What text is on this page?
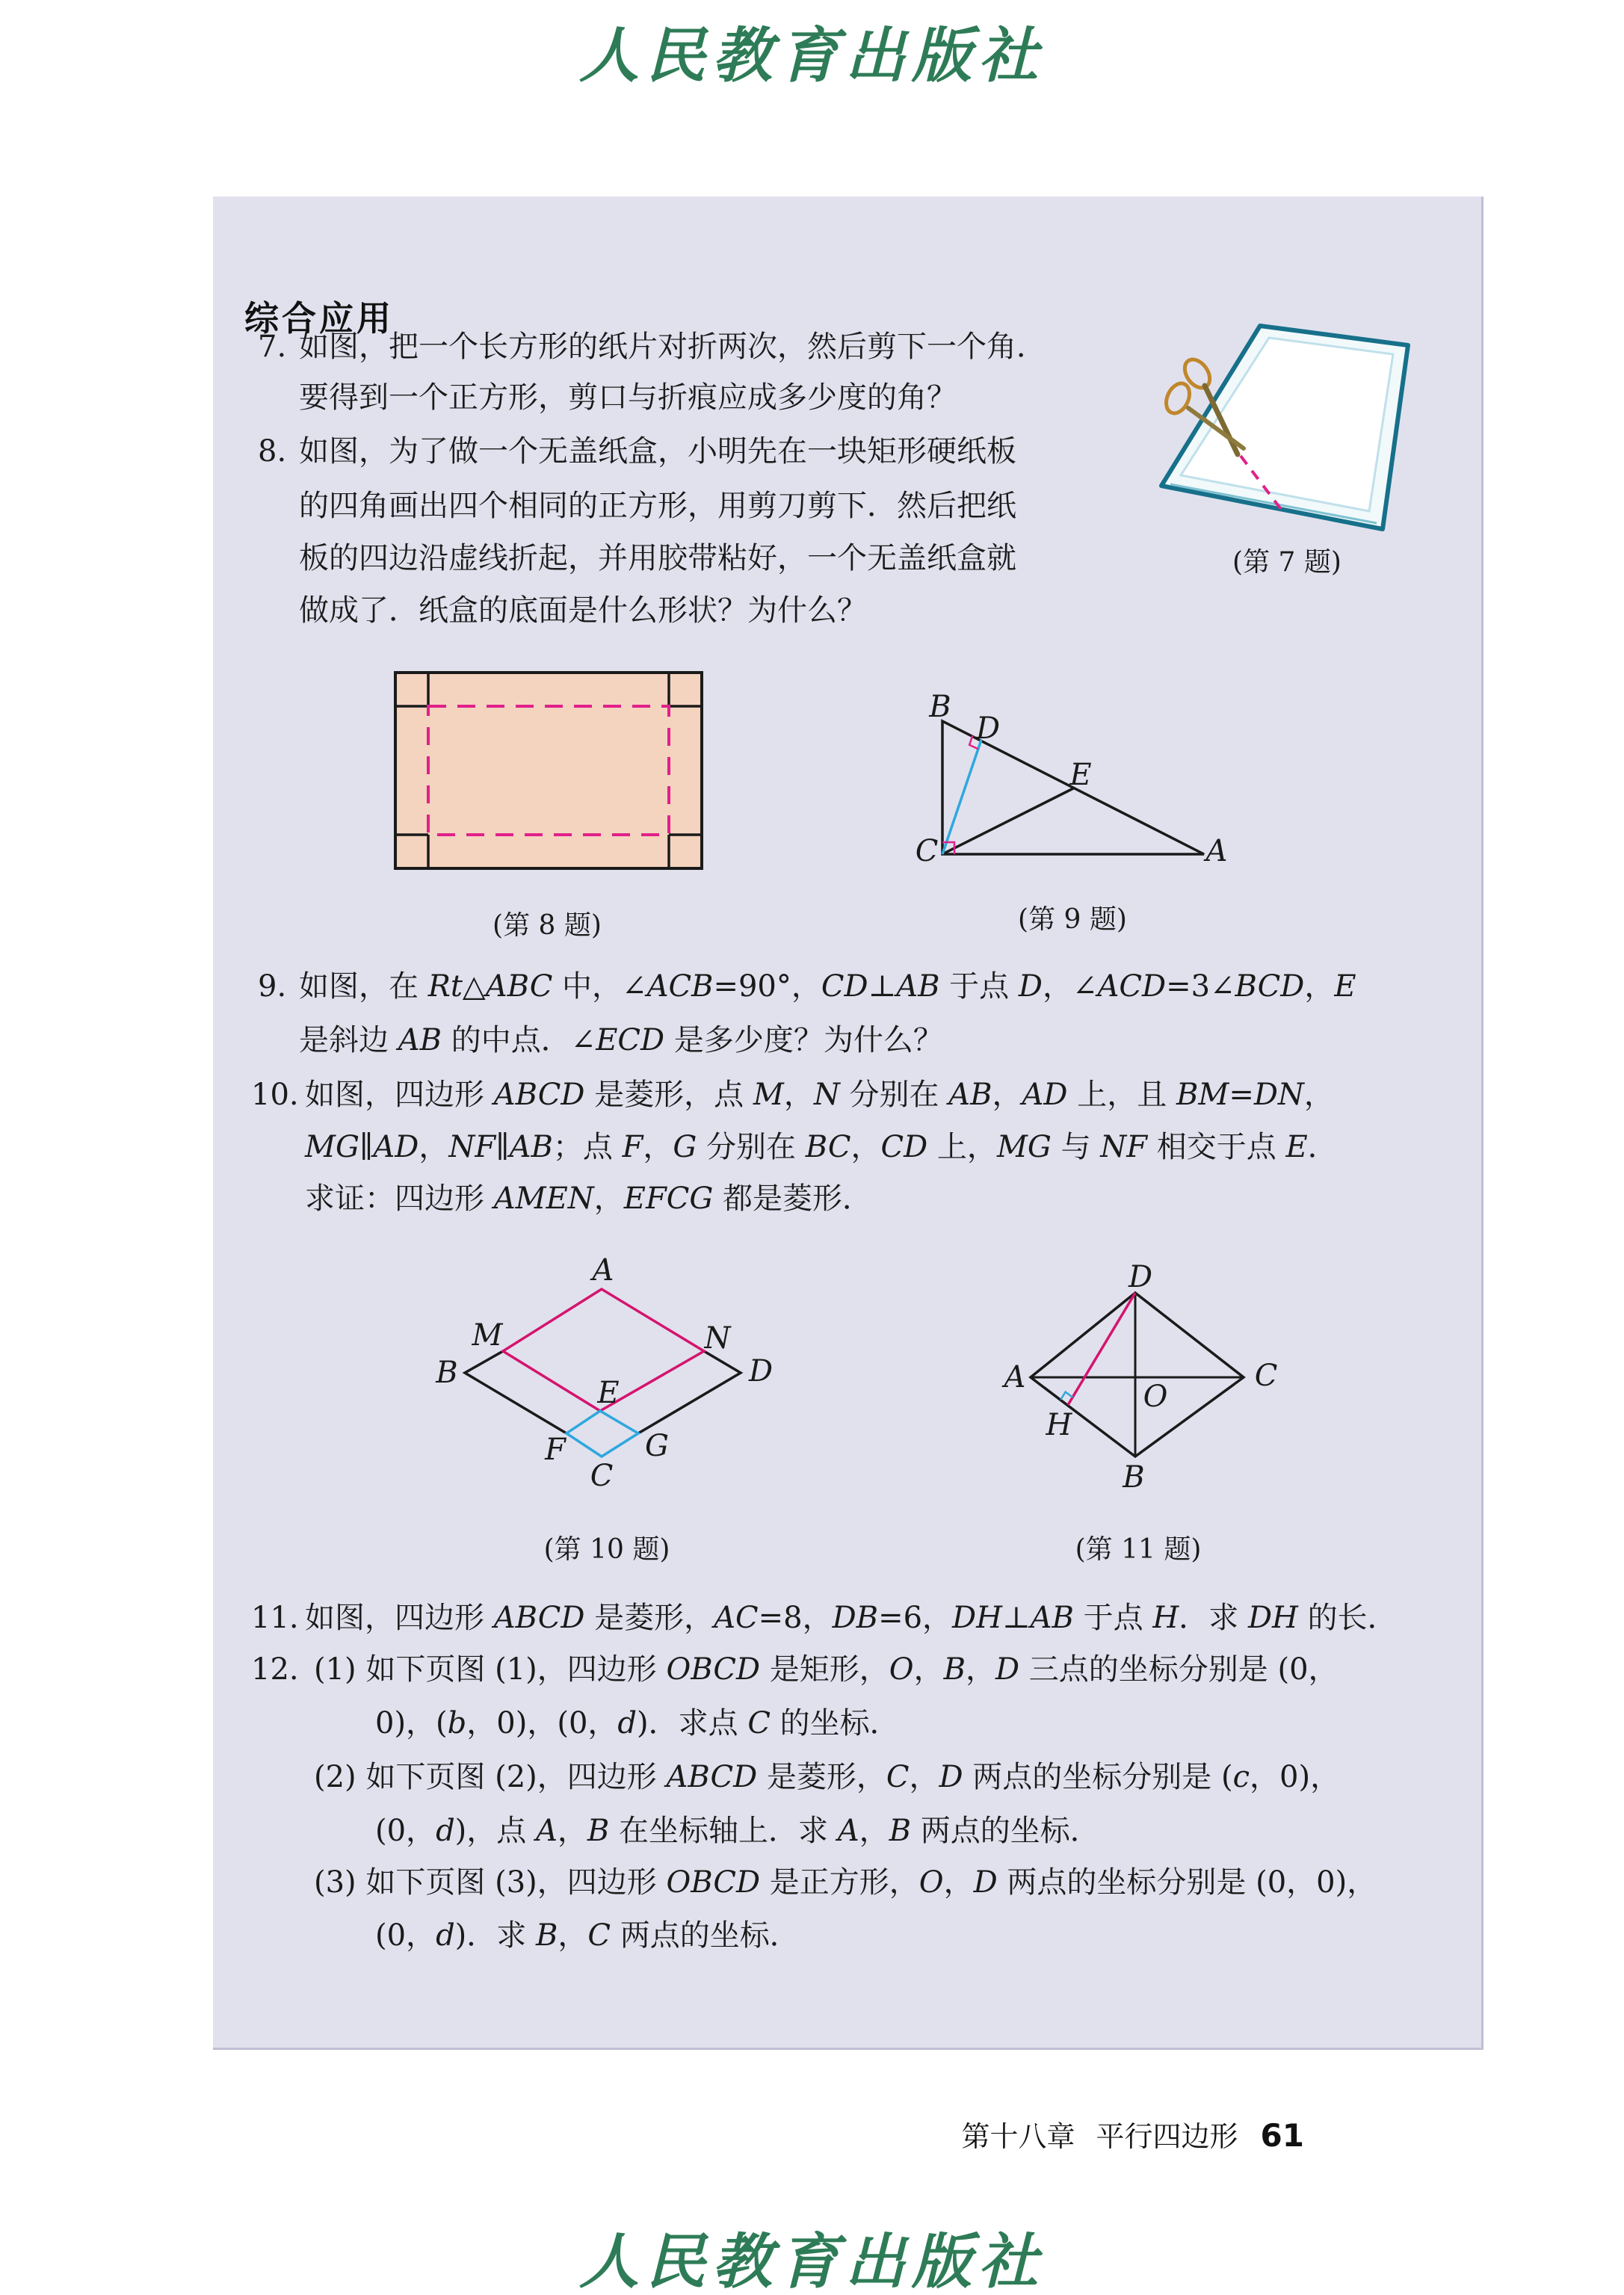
人民教育出版社
综合应用
7. 如图，把一个长方形的纸片对折两次，然后剪下一个角．
要得到一个正方形，剪口与折痕应成多少度的角？
8. 如图，为了做一个无盖纸盒，小明先在一块矩形硬纸板
的四角画出四个相同的正方形，用剪刀剪下．然后把纸
板的四边沿虚线折起，并用胶带粘好，一个无盖纸盒就
做成了．纸盒的底面是什么形状？为什么？
(第 7 题)
(第 8 题)
B
D
E
C	A
(第 9 题)
9. 如图，在 Rt△ABC 中，∠ACB=90°，CD⊥AB 于点 D，∠ACD=3∠BCD，E
是斜边 AB 的中点．∠ECD 是多少度？为什么？
10. 如图，四边形 ABCD 是菱形，点 M，N 分别在 AB，AD 上，且 BM=DN，
MG∥AD，NF∥AB；点 F，G 分别在 BC，CD 上，MG 与 NF 相交于点 E．
求证：四边形 AMEN，EFCG 都是菱形．
A
M	N
B	D
E
F	G
C
(第 10 题)
D
A	C
O
H
B
(第 11 题)
11. 如图，四边形 ABCD 是菱形，AC=8，DB=6，DH⊥AB 于点 H．求 DH 的长．
12. (1) 如下页图 (1)，四边形 OBCD 是矩形，O，B，D 三点的坐标分别是 (0，
0)，(b，0)，(0，d)．求点 C 的坐标．
(2) 如下页图 (2)，四边形 ABCD 是菱形，C，D 两点的坐标分别是 (c，0)，
(0，d)，点 A，B 在坐标轴上．求 A，B 两点的坐标．
(3) 如下页图 (3)，四边形 OBCD 是正方形，O，D 两点的坐标分别是 (0，0)，
(0，d)．求 B，C 两点的坐标．
第十八章 平行四边形 61
人民教育出版社
